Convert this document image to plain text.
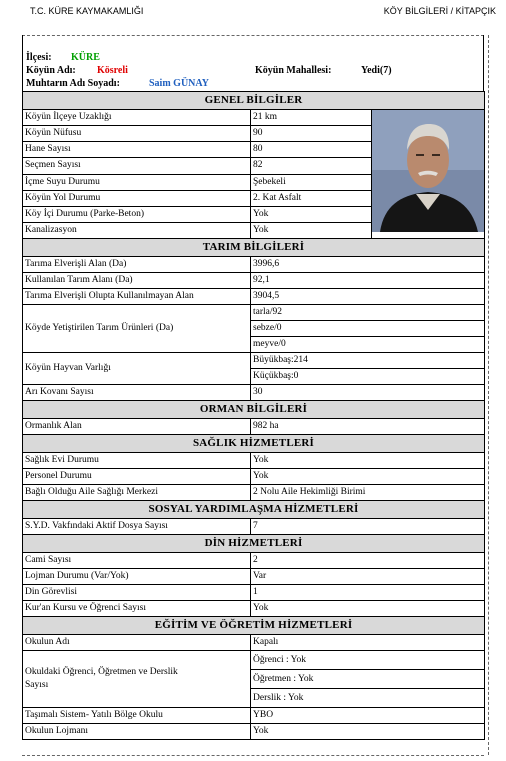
T.C. KÜRE KAYMAKAMLIĞI	KÖY BİLGİLERİ / KİTAPÇIK
İlçesi: KÜRE
Köyün Adı: Kösreli	Köyün Mahallesi:	Yedi(7)
Muhtarın Adı Soyadı:	Saim GÜNAY
GENEL BİLGİLER		
Köyün İlçeye Uzaklığı	21 km	
Köyün Nüfusu	90	
Hane Sayısı	80	
Seçmen Sayısı	82	
İçme Suyu Durumu	Şebekeli	
Köyün Yol Durumu	2. Kat Asfalt	
Köy İçi Durumu (Parke-Beton)	Yok	
Kanalizasyon	Yok	
TARIM BİLGİLERİ		
Tarıma Elverişli Alan (Da)	3996,6	
Kullanılan Tarım Alanı (Da)	92,1	
Tarıma Elverişli Olupta Kullanılmayan Alan	3904,5	
Köyde Yetiştirilen Tarım Ürünleri (Da)	tarla/92
sebze/0
meyve/0	

Köyün Hayvan Varlığı	Büyükbaş:214
Küçükbaş:0	

Arı Kovanı Sayısı	30	
ORMAN BİLGİLERİ		
Ormanlık Alan	982 ha	
SAĞLIK HİZMETLERİ		
Sağlık Evi Durumu	Yok	
Personel Durumu	Yok	
Bağlı Olduğu Aile Sağlığı Merkezi	2 Nolu Aile Hekimliği Birimi	
SOSYAL YARDIMLAŞMA HİZMETLERİ		
S.Y.D. Vakfındaki Aktif Dosya Sayısı	7	
DİN HİZMETLERİ		
Cami Sayısı	2	
Lojman Durumu (Var/Yok)	Var	
Din Görevlisi	1	
Kur'an Kursu ve Öğrenci Sayısı	Yok	
EĞİTİM VE ÖĞRETİM HİZMETLERİ		
Okulun Adı	Kapalı	
Okuldaki Öğrenci, Öğretmen ve Derslik
Sayısı	Öğrenci : Yok
Öğretmen : Yok
Derslik : Yok	

Taşımalı Sistem- Yatılı Bölge Okulu	YBO	
Okulun Lojmanı	Yok	
